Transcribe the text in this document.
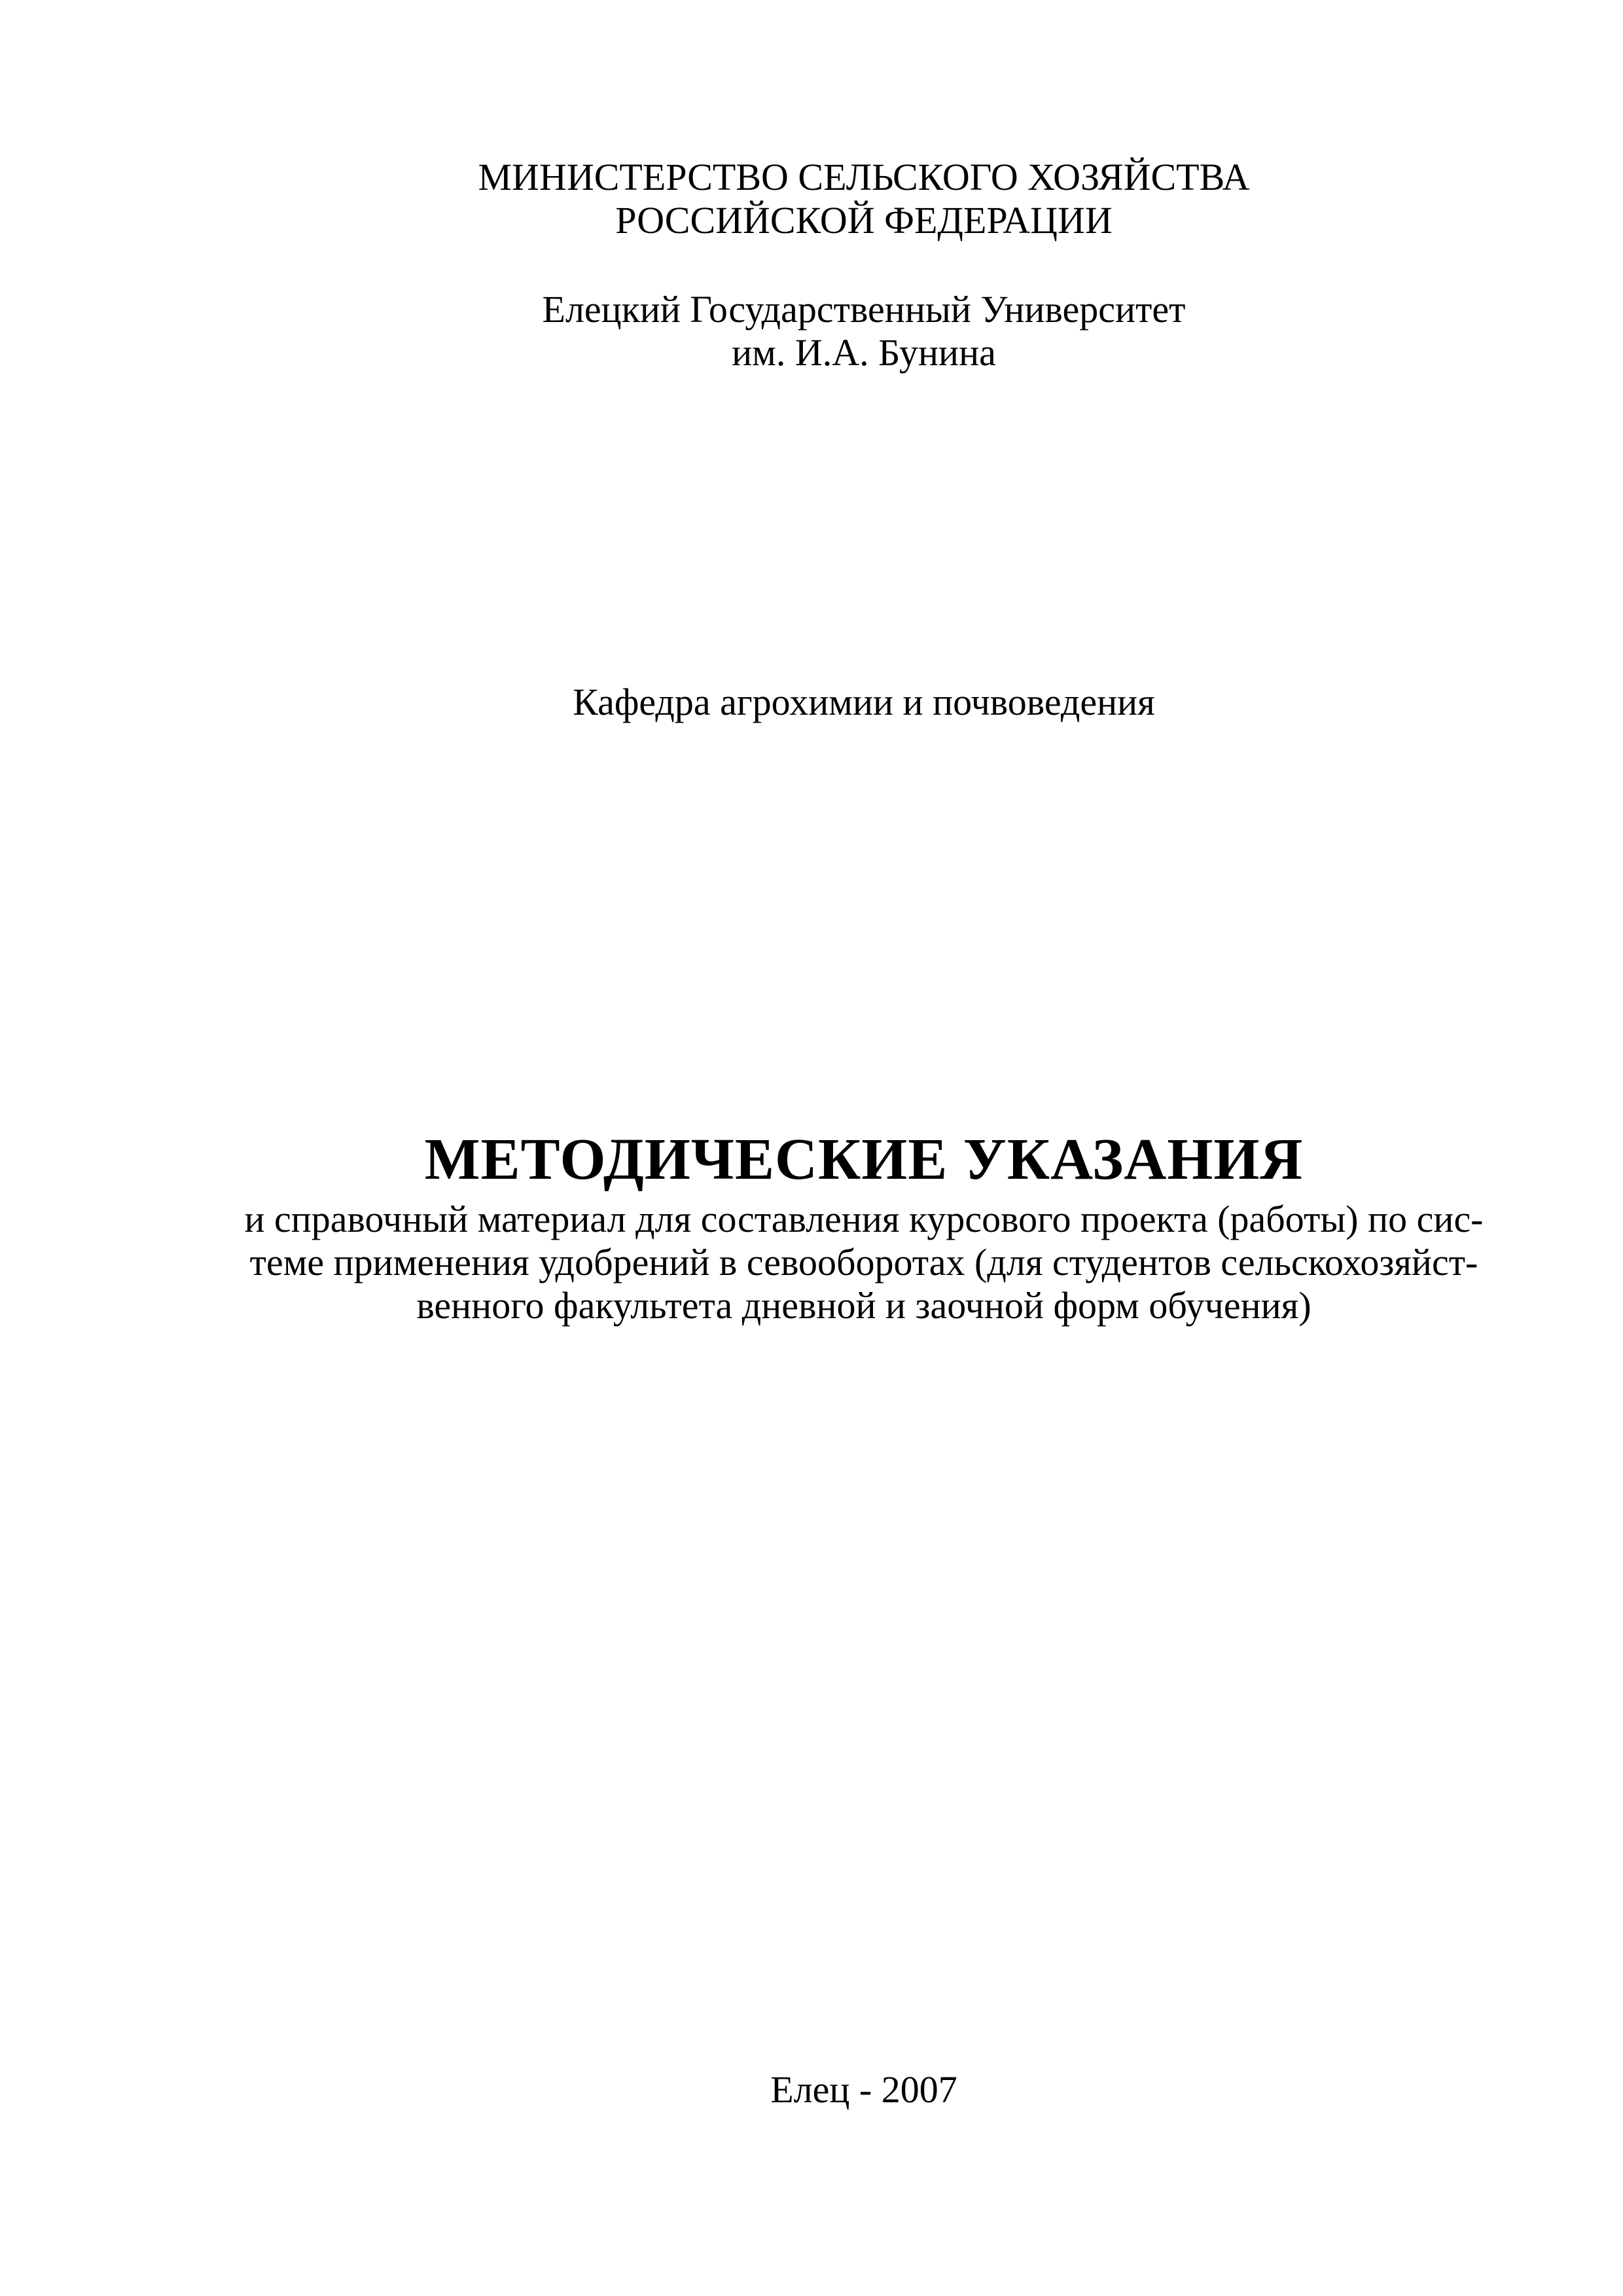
МИНИСТЕРСТВО СЕЛЬСКОГО ХОЗЯЙСТВА
РОССИЙСКОЙ ФЕДЕРАЦИИ
Елецкий Государственный Университет
им. И.А. Бунина
Кафедра агрохимии и почвоведения
МЕТОДИЧЕСКИЕ УКАЗАНИЯ
и справочный материал для составления курсового проекта (работы) по сис-
теме применения удобрений в севооборотах (для студентов сельскохозяйст-
венного факультета дневной и заочной форм обучения)
Елец - 2007
